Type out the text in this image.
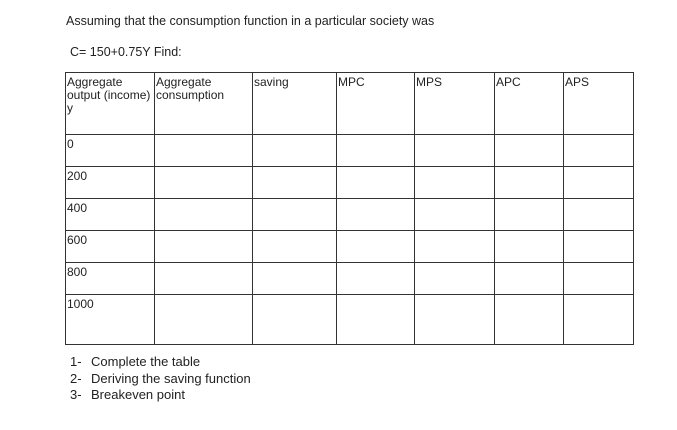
Assuming that the consumption function in a particular society was
C= 150+0.75Y Find:
Aggregate output (income) y	Aggregate consumption	saving	MPC	MPS	APC	APS
0						
200						
400						
600						
800						
1000						
1- Complete the table
2- Deriving the saving function
3- Breakeven point
